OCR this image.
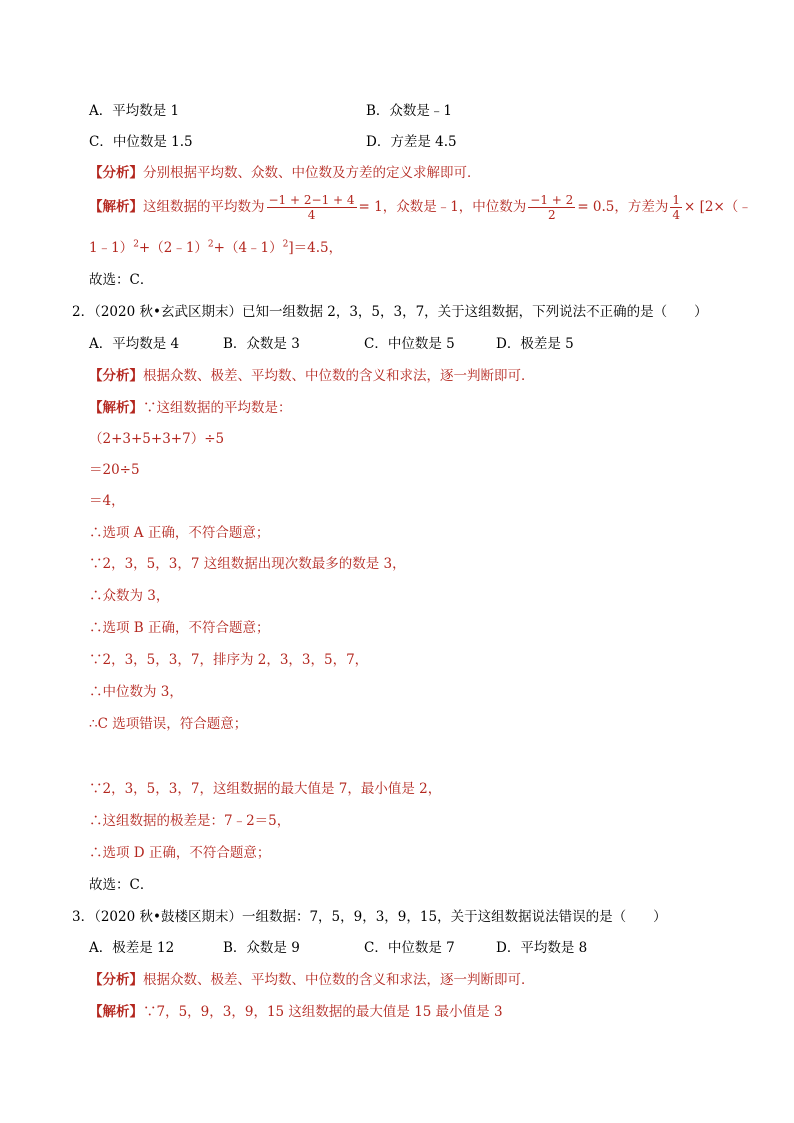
A．平均数是 1	B．众数是﹣1
C．中位数是 1.5	D．方差是 4.5
【分析】分别根据平均数、众数、中位数及方差的定义求解即可．
【解析】这组数据的平均数为 $\frac{-1 + 2-1 + 4}{4} = 1$，众数是﹣1，中位数为 $\frac{-1 + 2}{2} = 0.5$，方差为 $\frac{1}{4}$ × [2×（﹣
1﹣1）$^2$+（2﹣1）$^2$+（4﹣1）$^2$]＝4.5，
故选：C．
2．（2020 秋•玄武区期末）已知一组数据 2，3，5，3，7，关于这组数据，下列说法不正确的是（　　）
A．平均数是 4	B．众数是 3	C．中位数是 5	D．极差是 5
【分析】根据众数、极差、平均数、中位数的含义和求法，逐一判断即可．
【解析】∵这组数据的平均数是：
（2+3+5+3+7）÷5
＝20÷5
＝4，
∴选项 A 正确，不符合题意；
∵2，3，5，3，7 这组数据出现次数最多的数是 3，
∴众数为 3，
∴选项 B 正确，不符合题意；
∵2，3，5，3，7，排序为 2，3，3，5，7，
∴中位数为 3，
∴C 选项错误，符合题意；
∵2，3，5，3，7，这组数据的最大值是 7，最小值是 2，
∴这组数据的极差是：7﹣2＝5，
∴选项 D 正确，不符合题意；
故选：C．
3．（2020 秋•鼓楼区期末）一组数据：7，5，9，3，9，15，关于这组数据说法错误的是（　　）
A．极差是 12	B．众数是 9	C．中位数是 7	D．平均数是 8
【分析】根据众数、极差、平均数、中位数的含义和求法，逐一判断即可．
【解析】∵7，5，9，3，9，15 这组数据的最大值是 15 最小值是 3
